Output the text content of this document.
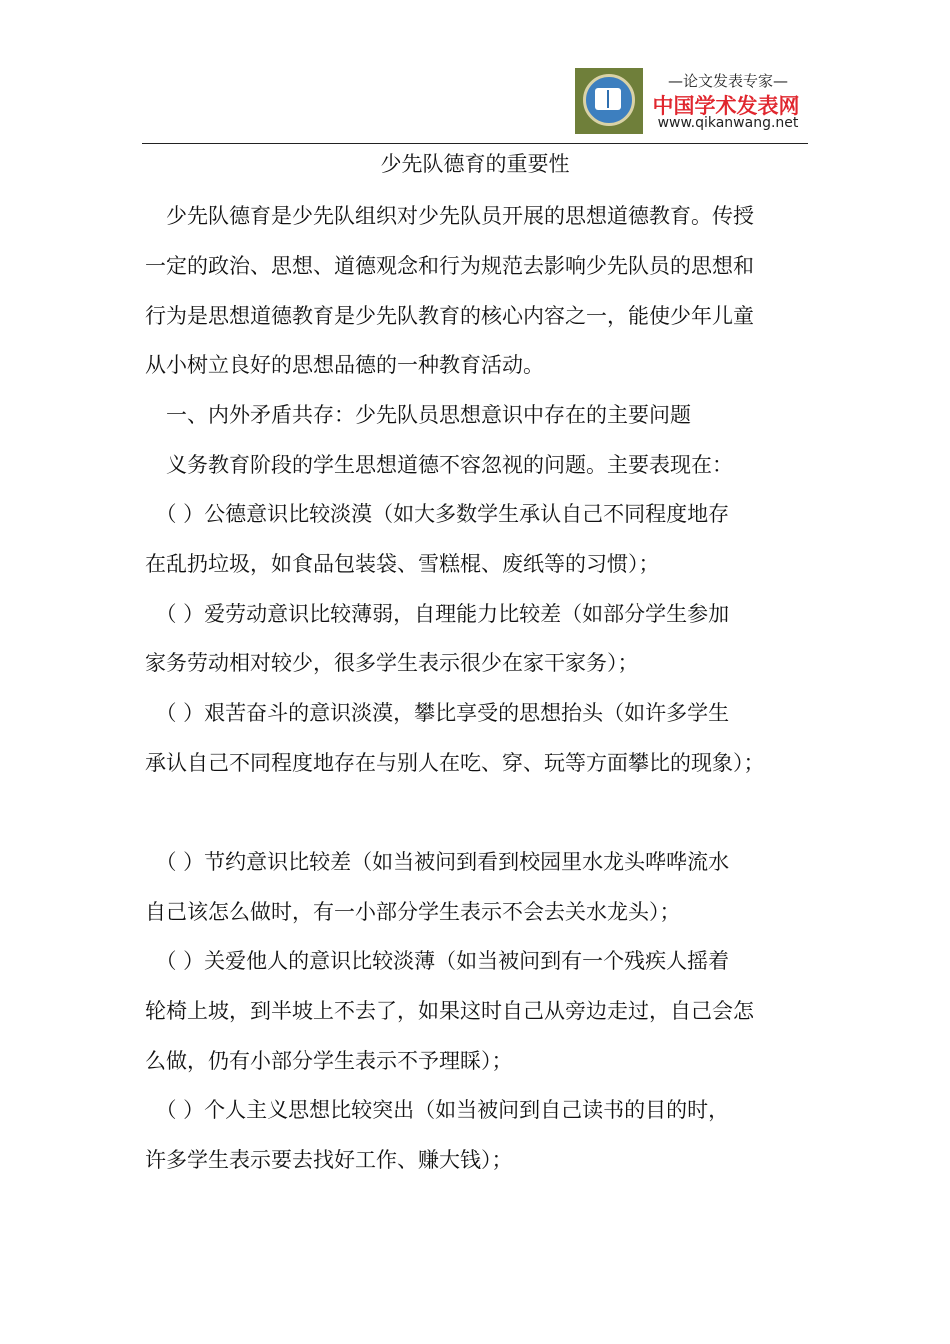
—论文发表专家—
中国学术发表网
www.qikanwang.net
少先队德育的重要性
　少先队德育是少先队组织对少先队员开展的思想道德教育。传授
一定的政治、思想、道德观念和行为规范去影响少先队员的思想和
行为是思想道德教育是少先队教育的核心内容之一，能使少年儿童
从小树立良好的思想品德的一种教育活动。
　一、内外矛盾共存：少先队员思想意识中存在的主要问题
　义务教育阶段的学生思想道德不容忽视的问题。主要表现在：
　（ ）公德意识比较淡漠（如大多数学生承认自己不同程度地存
在乱扔垃圾，如食品包装袋、雪糕棍、废纸等的习惯）；
　（ ）爱劳动意识比较薄弱，自理能力比较差（如部分学生参加
家务劳动相对较少，很多学生表示很少在家干家务）；
　（ ）艰苦奋斗的意识淡漠，攀比享受的思想抬头（如许多学生
承认自己不同程度地存在与别人在吃、穿、玩等方面攀比的现象）；
　（ ）节约意识比较差（如当被问到看到校园里水龙头哗哗流水
自己该怎么做时，有一小部分学生表示不会去关水龙头）；
　（ ）关爱他人的意识比较淡薄（如当被问到有一个残疾人摇着
轮椅上坡，到半坡上不去了，如果这时自己从旁边走过，自己会怎
么做，仍有小部分学生表示不予理睬）；
　（ ）个人主义思想比较突出（如当被问到自己读书的目的时，
许多学生表示要去找好工作、赚大钱）；
